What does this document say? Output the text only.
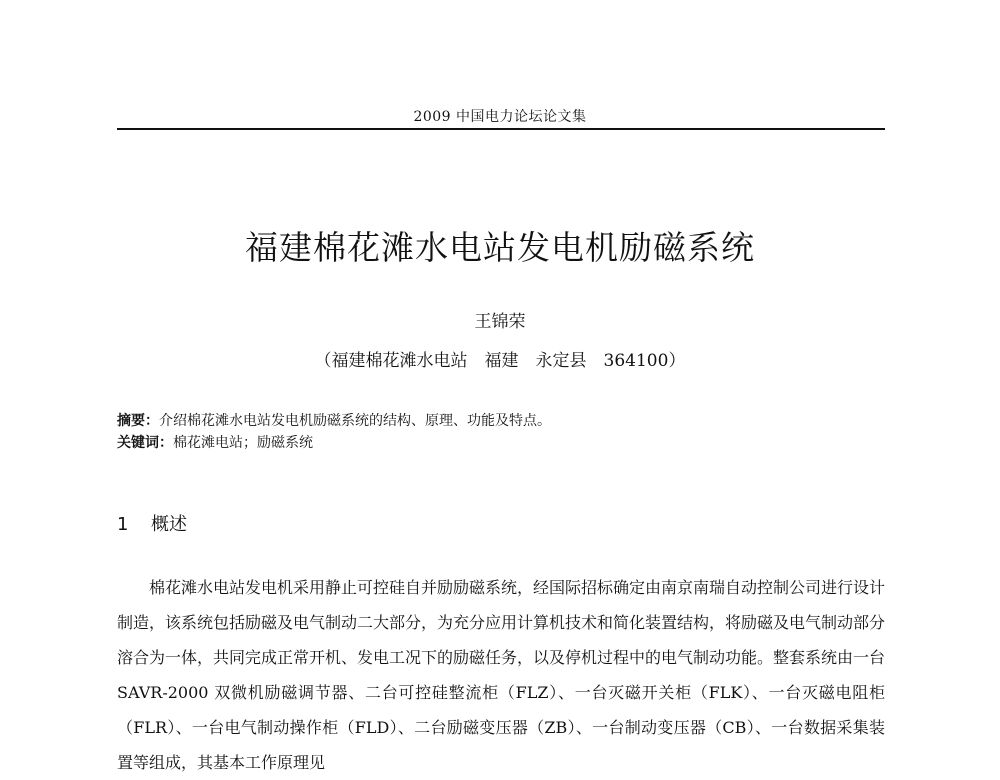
2009 中国电力论坛论文集
福建棉花滩水电站发电机励磁系统
王锦荣
（福建棉花滩水电站　福建　永定县　364100）
摘要：介绍棉花滩水电站发电机励磁系统的结构、原理、功能及特点。
关键词：棉花滩电站；励磁系统
1 概述

棉花滩水电站发电机采用静止可控硅自并励励磁系统，经国际招标确定由南京南瑞自动控制公司进行设计制造，该系统包括励磁及电气制动二大部分，为充分应用计算机技术和简化装置结构，将励磁及电气制动部分溶合为一体，共同完成正常开机、发电工况下的励磁任务，以及停机过程中的电气制动功能。整套系统由一台 SAVR-2000 双微机励磁调节器、二台可控硅整流柜（FLZ）、一台灭磁开关柜（FLK）、一台灭磁电阻柜（FLR）、一台电气制动操作柜（FLD）、二台励磁变压器（ZB）、一台制动变压器（CB）、一台数据采集装置等组成，其基本工作原理见
